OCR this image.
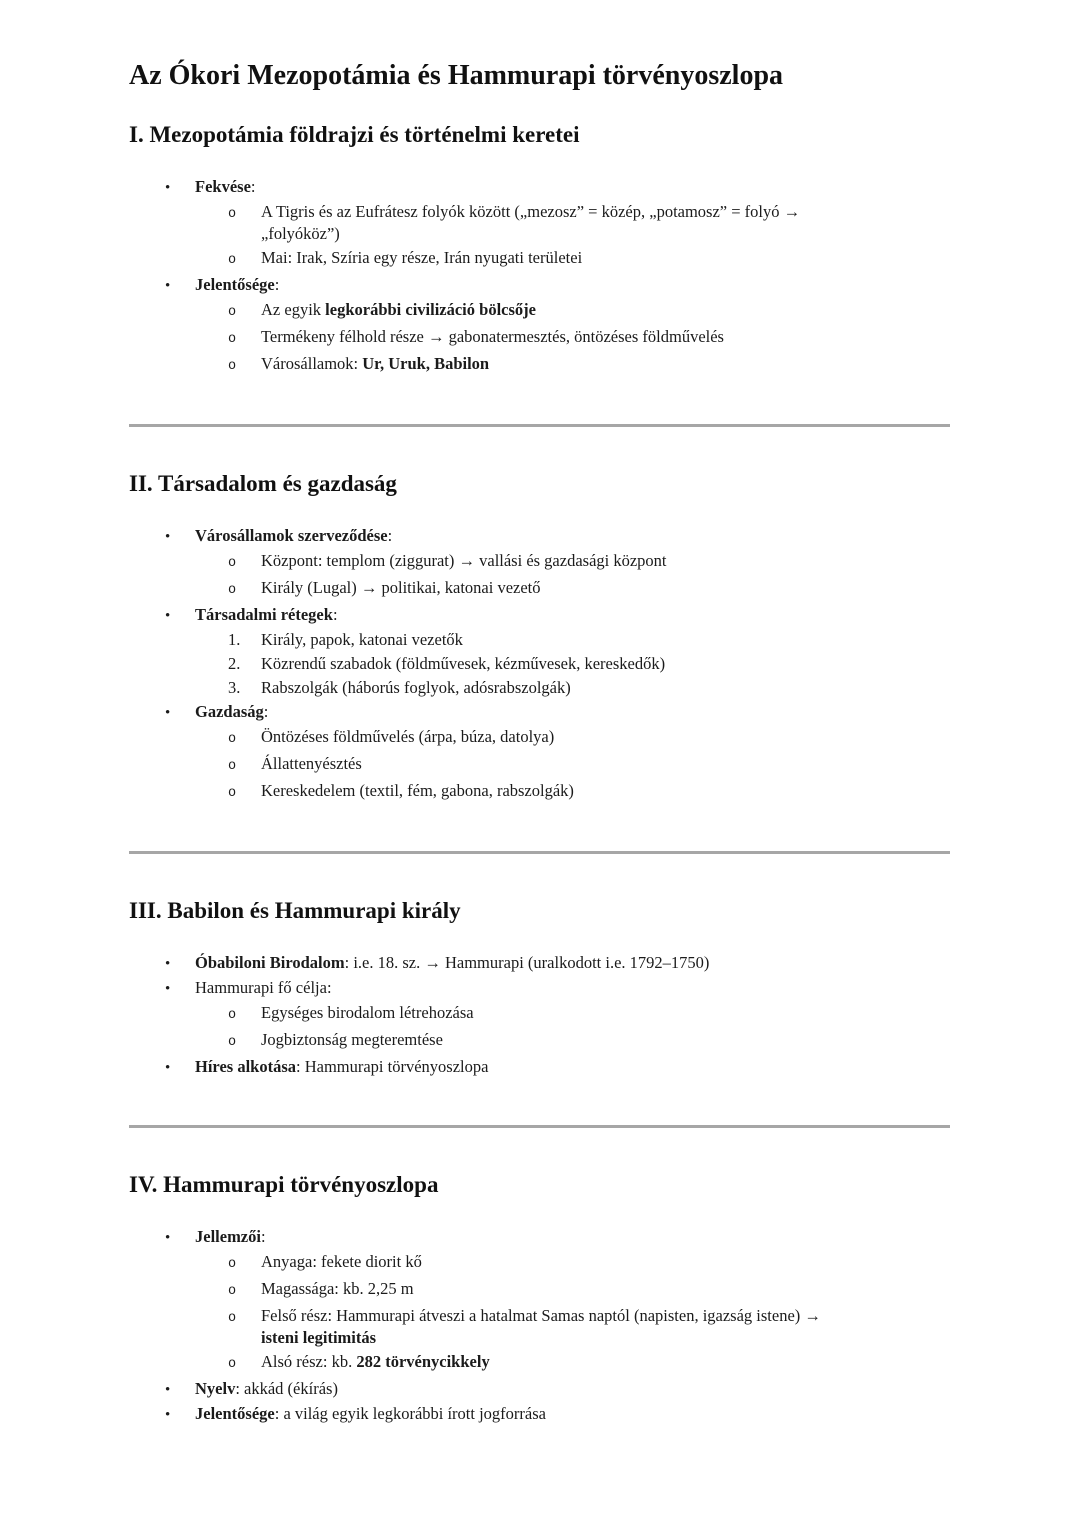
Az Ókori Mezopotámia és Hammurapi törvényoszlopa
I. Mezopotámia földrajzi és történelmi keretei
•	Fekvése:
o	A Tigris és az Eufrátesz folyók között („mezosz” = közép, „potamosz” = folyó →
„folyóköz”)
o	Mai: Irak, Szíria egy része, Irán nyugati területei
•	Jelentősége:
o	Az egyik legkorábbi civilizáció bölcsője
o	Termékeny félhold része → gabonatermesztés, öntözéses földművelés
o	Városállamok: Ur, Uruk, Babilon
II. Társadalom és gazdaság
•	Városállamok szerveződése:
o	Központ: templom (ziggurat) → vallási és gazdasági központ
o	Király (Lugal) → politikai, katonai vezető
•	Társadalmi rétegek:
1.	Király, papok, katonai vezetők
2.	Közrendű szabadok (földművesek, kézművesek, kereskedők)
3.	Rabszolgák (háborús foglyok, adósrabszolgák)
•	Gazdaság:
o	Öntözéses földművelés (árpa, búza, datolya)
o	Állattenyésztés
o	Kereskedelem (textil, fém, gabona, rabszolgák)
III. Babilon és Hammurapi király
•	Óbabiloni Birodalom: i.e. 18. sz. → Hammurapi (uralkodott i.e. 1792–1750)
•	Hammurapi fő célja:
o	Egységes birodalom létrehozása
o	Jogbiztonság megteremtése
•	Híres alkotása: Hammurapi törvényoszlopa
IV. Hammurapi törvényoszlopa
•	Jellemzői:
o	Anyaga: fekete diorit kő
o	Magassága: kb. 2,25 m
o	Felső rész: Hammurapi átveszi a hatalmat Samas naptól (napisten, igazság istene) →
isteni legitimitás
o	Alsó rész: kb. 282 törvénycikkely
•	Nyelv: akkád (ékírás)
•	Jelentősége: a világ egyik legkorábbi írott jogforrása
